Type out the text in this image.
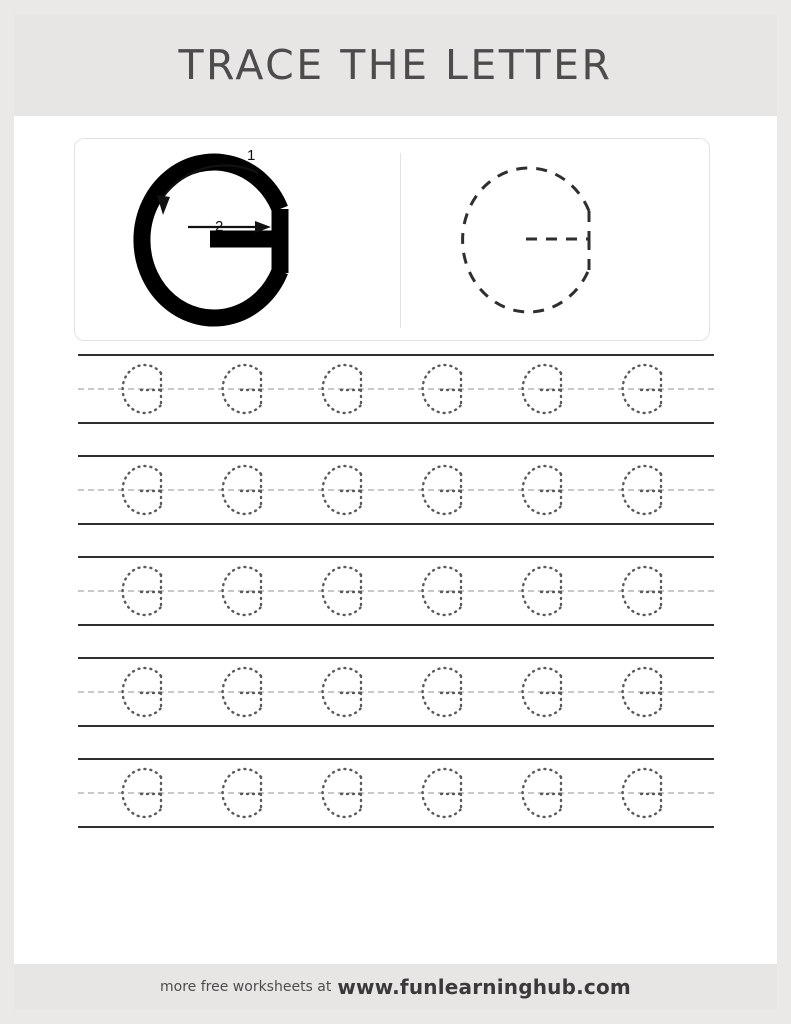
TRACE THE LETTER
1
2
more free worksheets at www.funlearninghub.com
